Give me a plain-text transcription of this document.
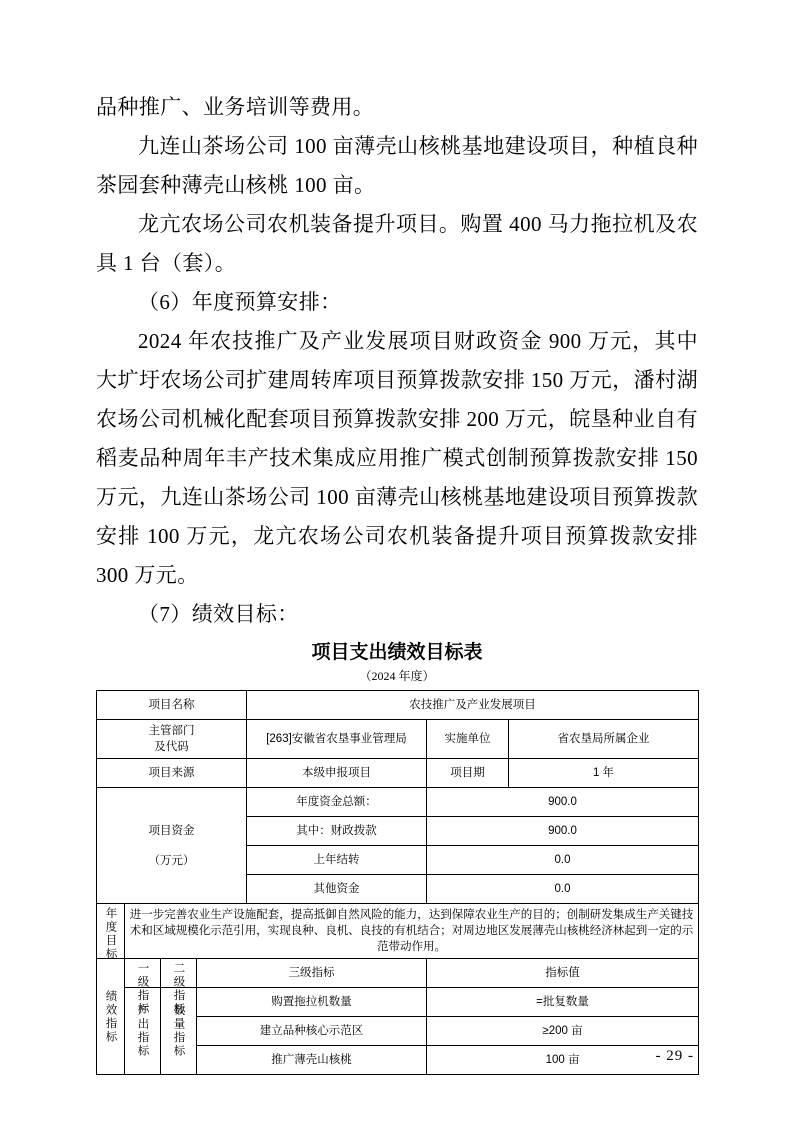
品种推广、业务培训等费用。

九连山茶场公司 100 亩薄壳山核桃基地建设项目，种植良种茶园套种薄壳山核桃 100 亩。

龙亢农场公司农机装备提升项目。购置 400 马力拖拉机及农具 1 台（套）。

（6）年度预算安排：

2024 年农技推广及产业发展项目财政资金 900 万元，其中大圹圩农场公司扩建周转库项目预算拨款安排 150 万元，潘村湖农场公司机械化配套项目预算拨款安排 200 万元，皖垦种业自有稻麦品种周年丰产技术集成应用推广模式创制预算拨款安排 150 万元，九连山茶场公司 100 亩薄壳山核桃基地建设项目预算拨款安排 100 万元，龙亢农场公司农机装备提升项目预算拨款安排 300 万元。

（7）绩效目标：

项目支出绩效目标表
（2024 年度）
项目名称				农技推广及产业发展项目		

主管部门
及代码				[263]安徽省农垦事业管理局	实施单位	省农垦局所属企业
项目来源				本级申报项目	项目期	1 年

项目资金
（万元）				年度资金总额：	900.0	
				其中：财政拨款	900.0	
				上年结转	0.0	
				其他资金	0.0	
年度目标	进一步完善农业生产设施配套，提高抵御自然风险的能力，达到保障农业生产的目的；创制研发集成生产关键技术和区域规模化示范引用，实现良种、良机、良技的有机结合；对周边地区发展薄壳山核桃经济林起到一定的示范带动作用。					
绩效指标	一级指标	二级指标	三级指标		指标值	
	产出指标	数量指标	购置拖拉机数量		=批复数量	
			建立品种核心示范区		≥200 亩	
			推广薄壳山核桃		100 亩		- 29 -
